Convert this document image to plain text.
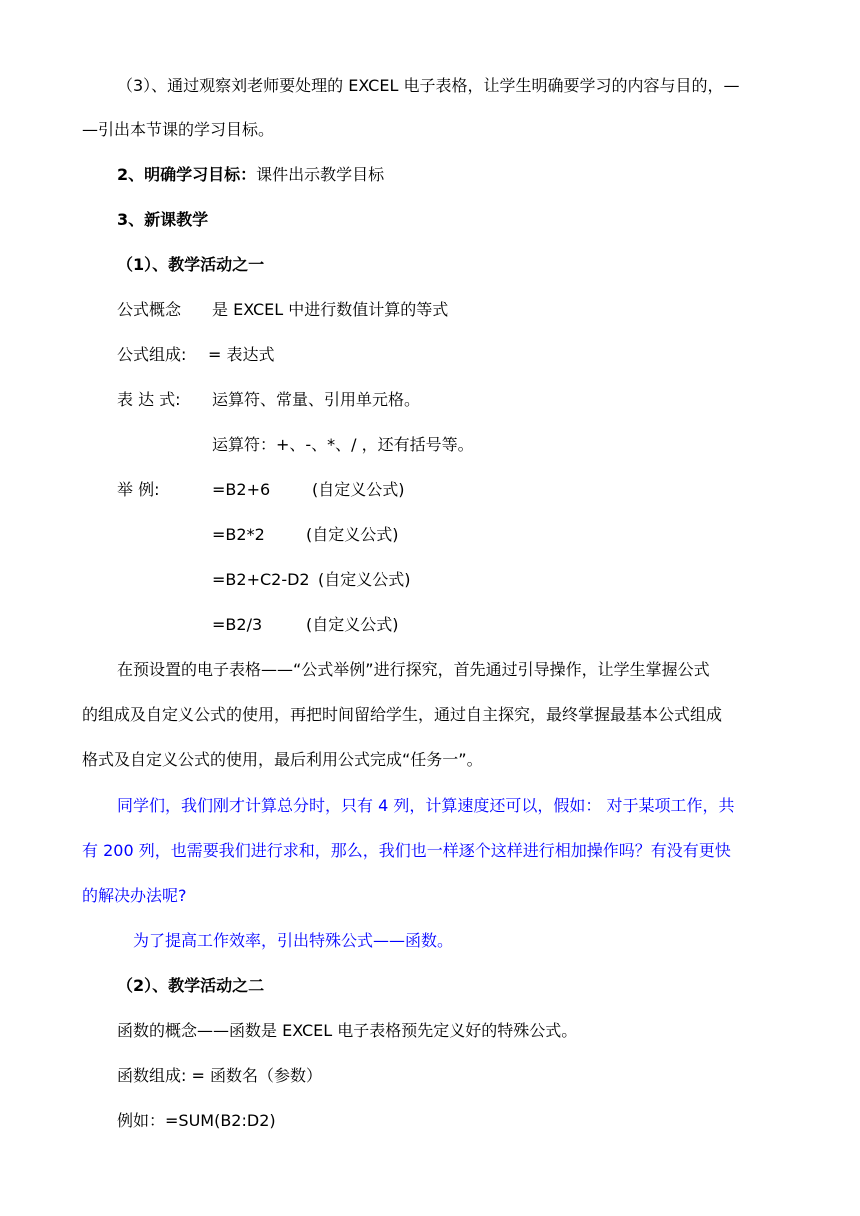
（3）、通过观察刘老师要处理的 EXCEL 电子表格，让学生明确要学习的内容与目的，—
—引出本节课的学习目标。
2、明确学习目标：课件出示教学目标
3、新课教学
（1）、教学活动之一
公式概念 是 EXCEL 中进行数值计算的等式
公式组成: = 表达式
表 达 式: 运算符、常量、引用单元格。
运算符：+、-、*、/ ，还有括号等。
举 例:	=B2+6	(自定义公式)
=B2*2	(自定义公式)
=B2+C2-D2 (自定义公式)
=B2/3	(自定义公式)
在预设置的电子表格——“公式举例”进行探究，首先通过引导操作，让学生掌握公式
的组成及自定义公式的使用，再把时间留给学生，通过自主探究，最终掌握最基本公式组成
格式及自定义公式的使用，最后利用公式完成“任务一”。
同学们，我们刚才计算总分时，只有 4 列，计算速度还可以，假如： 对于某项工作，共
有 200 列，也需要我们进行求和，那么，我们也一样逐个这样进行相加操作吗？有没有更快
的解决办法呢?
为了提高工作效率，引出特殊公式——函数。
（2）、教学活动之二
函数的概念——函数是 EXCEL 电子表格预先定义好的特殊公式。
函数组成: = 函数名（参数）
例如：=SUM(B2:D2)
